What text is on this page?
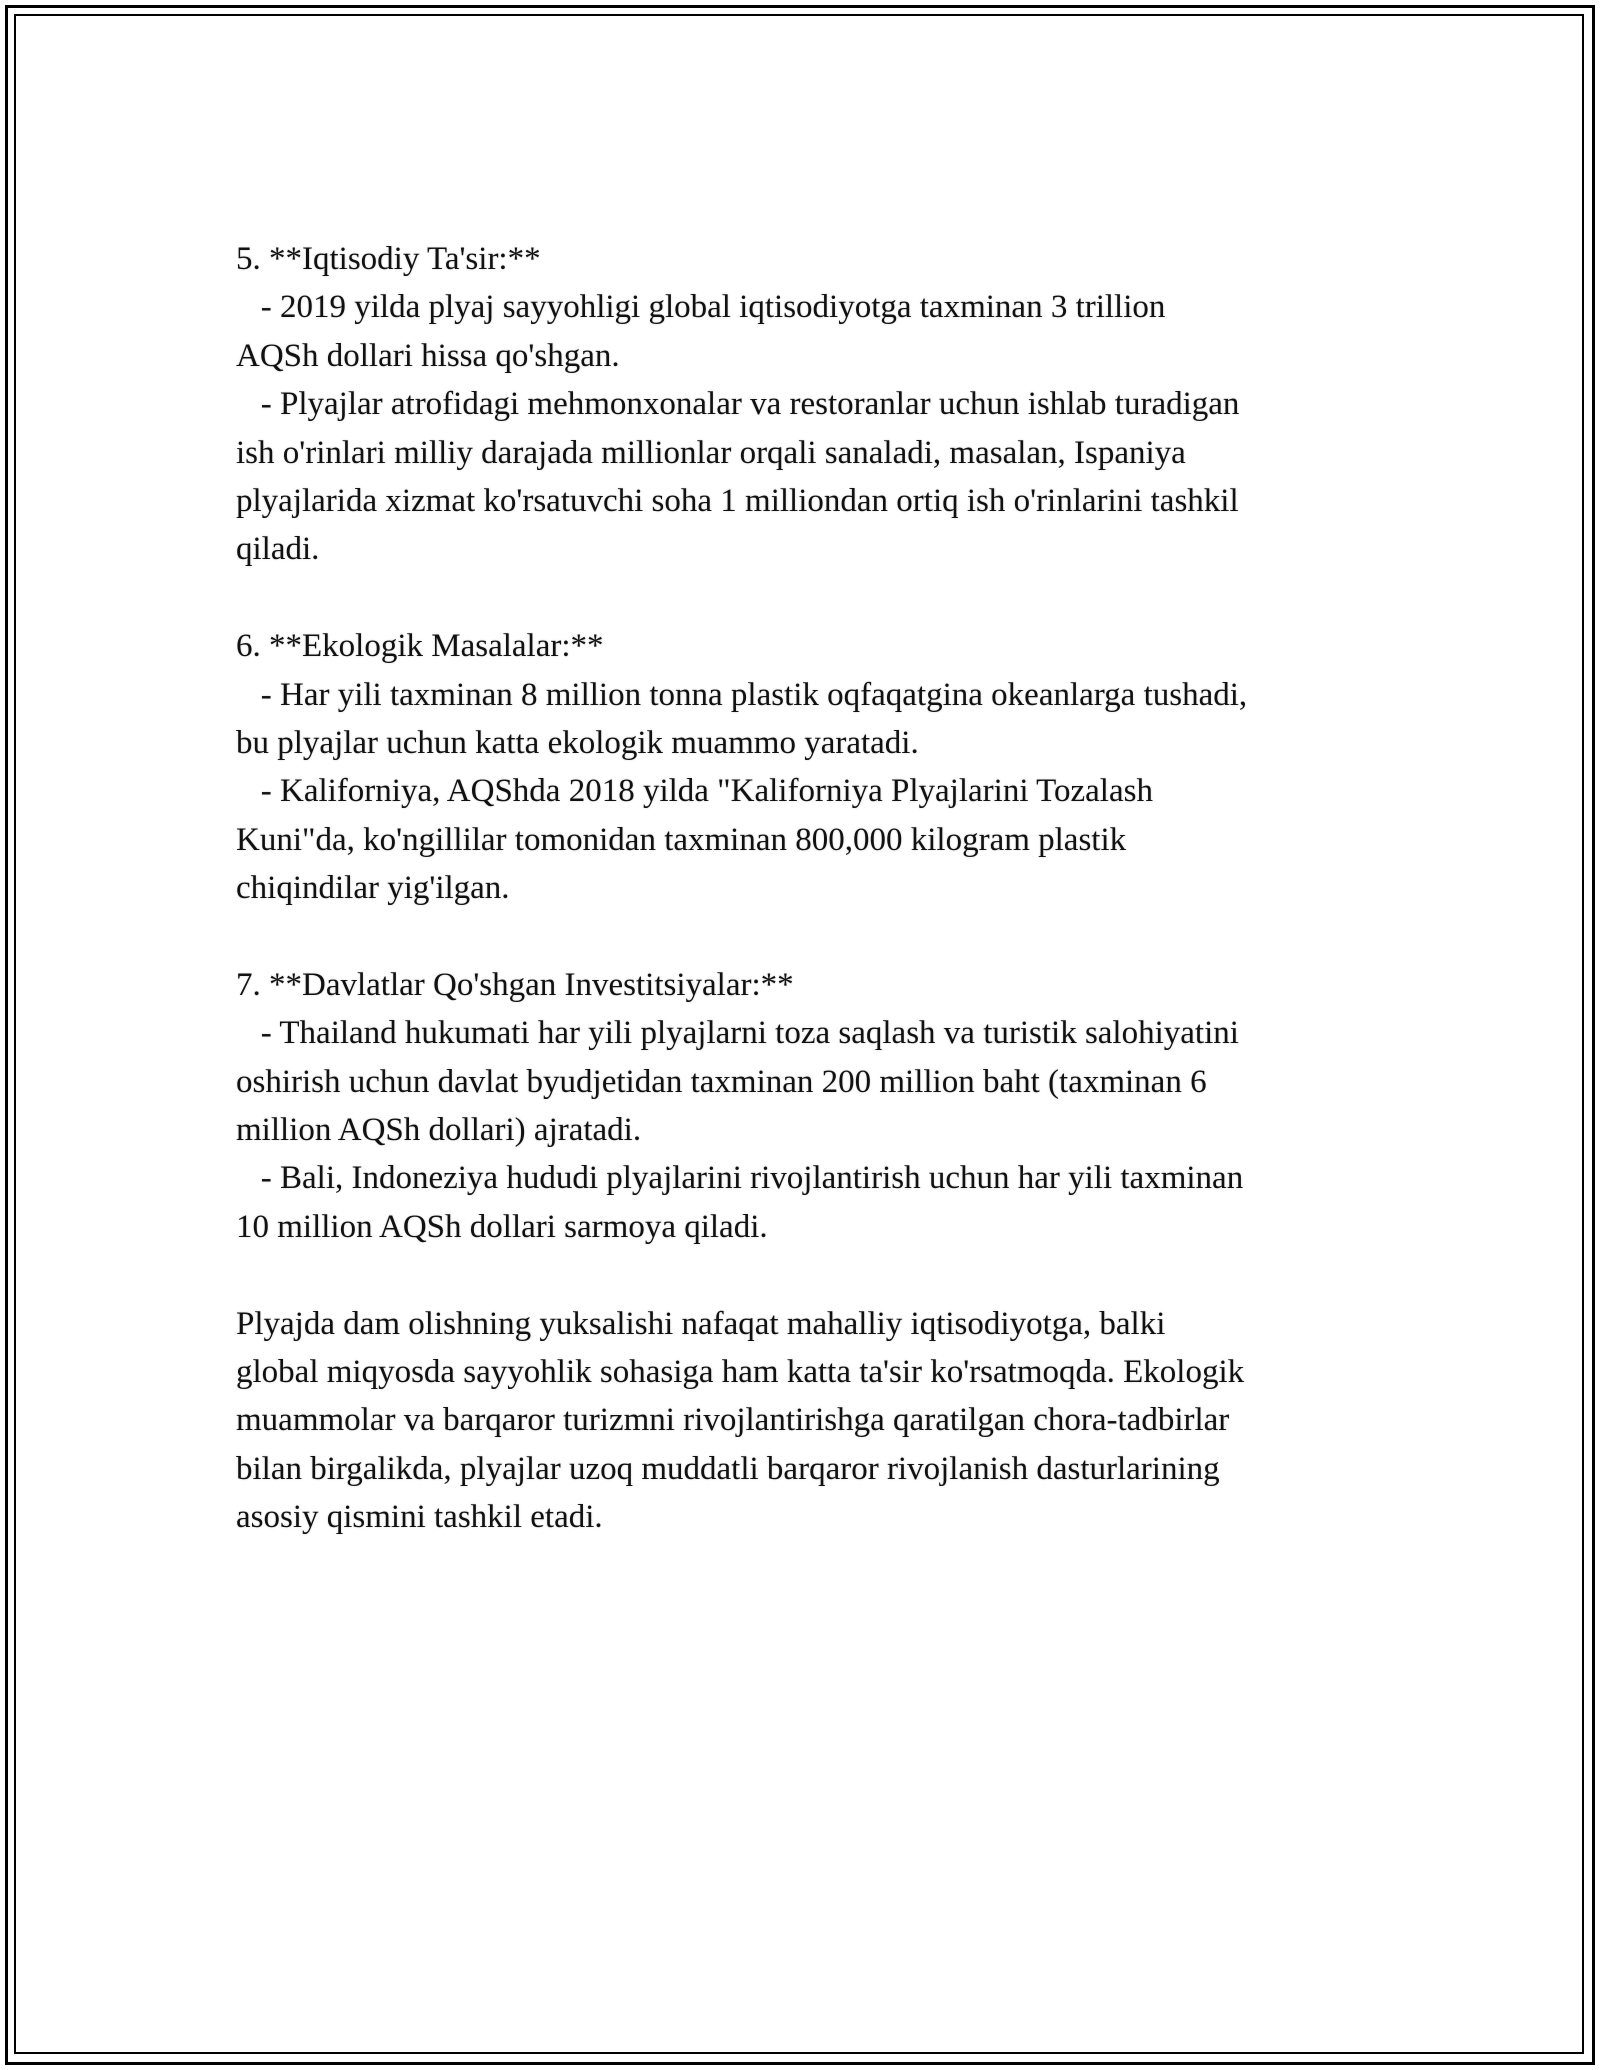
5. **Iqtisodiy Ta'sir:**
- 2019 yilda plyaj sayyohligi global iqtisodiyotga taxminan 3 trillion
AQSh dollari hissa qo'shgan.
- Plyajlar atrofidagi mehmonxonalar va restoranlar uchun ishlab turadigan
ish o'rinlari milliy darajada millionlar orqali sanaladi, masalan, Ispaniya
plyajlarida xizmat ko'rsatuvchi soha 1 milliondan ortiq ish o'rinlarini tashkil
qiladi.
6. **Ekologik Masalalar:**
- Har yili taxminan 8 million tonna plastik oqfaqatgina okeanlarga tushadi,
bu plyajlar uchun katta ekologik muammo yaratadi.
- Kaliforniya, AQShda 2018 yilda "Kaliforniya Plyajlarini Tozalash
Kuni"da, ko'ngillilar tomonidan taxminan 800,000 kilogram plastik
chiqindilar yig'ilgan.
7. **Davlatlar Qo'shgan Investitsiyalar:**
- Thailand hukumati har yili plyajlarni toza saqlash va turistik salohiyatini
oshirish uchun davlat byudjetidan taxminan 200 million baht (taxminan 6
million AQSh dollari) ajratadi.
- Bali, Indoneziya hududi plyajlarini rivojlantirish uchun har yili taxminan
10 million AQSh dollari sarmoya qiladi.
Plyajda dam olishning yuksalishi nafaqat mahalliy iqtisodiyotga, balki
global miqyosda sayyohlik sohasiga ham katta ta'sir ko'rsatmoqda. Ekologik
muammolar va barqaror turizmni rivojlantirishga qaratilgan chora-tadbirlar
bilan birgalikda, plyajlar uzoq muddatli barqaror rivojlanish dasturlarining
asosiy qismini tashkil etadi.
